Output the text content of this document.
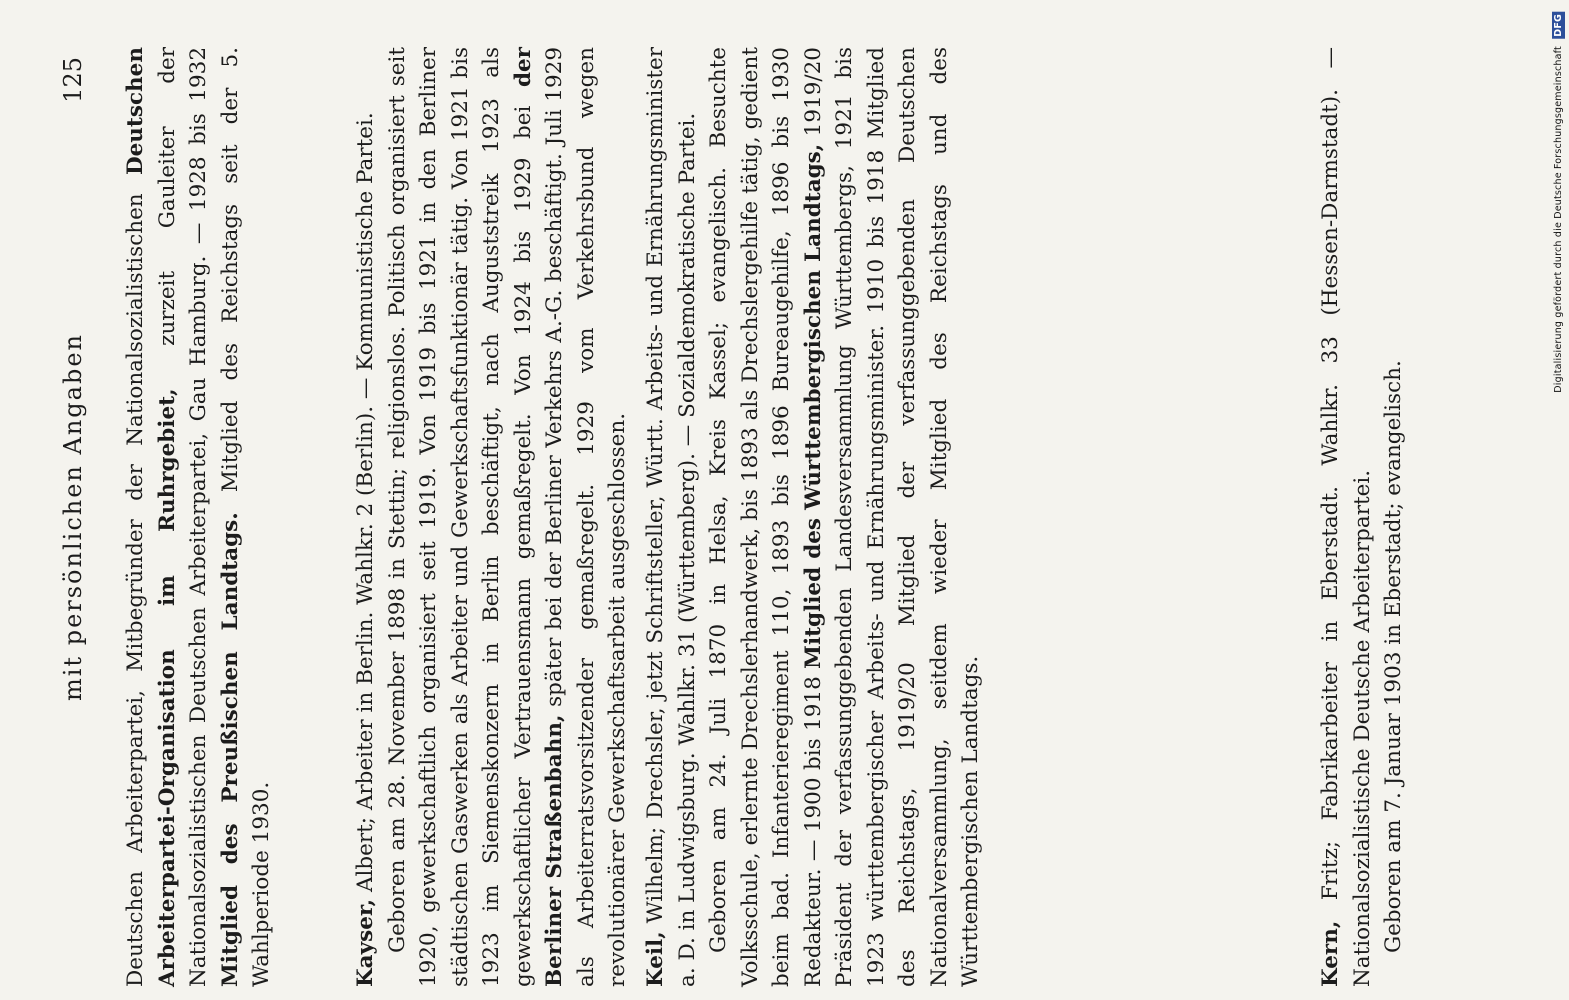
mit persönlichen Angaben
125

Deutschen Arbeiterpartei, Mitbegründer der Nationalsozialistischen Deutschen Arbeiterpartei-Organisation im Ruhrgebiet, zurzeit Gauleiter der Nationalsozialistischen Deutschen Arbeiterpartei, Gau Hamburg. — 1928 bis 1932 Mitglied des Preußischen Landtags. Mitglied des Reichstags seit der 5. Wahlperiode 1930.	Kayser, Albert; Arbeiter in Berlin. Wahlkr. 2 (Berlin). — Kommunistische Partei. Geboren am 28. November 1898 in Stettin; religionslos. Politisch organisiert seit 1920, gewerkschaftlich organisiert seit 1919. Von 1919 bis 1921 in den Berliner städtischen Gaswerken als Arbeiter und Gewerkschaftsfunktionär tätig. Von 1921 bis 1923 im Siemenskonzern in Berlin beschäftigt, nach Auguststreik 1923 als gewerkschaftlicher Vertrauensmann gemaßregelt. Von 1924 bis 1929 bei der Berliner Straßenbahn, später bei der Berliner Verkehrs A.-G. beschäftigt. Juli 1929 als Arbeiterratsvorsitzender gemaßregelt. 1929 vom Verkehrsbund wegen revolutionärer Gewerkschaftsarbeit ausgeschlossen. Keil, Wilhelm; Drechsler, jetzt Schriftsteller, Württ. Arbeits- und Ernährungsminister a. D. in Ludwigsburg. Wahlkr. 31 (Württemberg). — Sozialdemokratische Partei. Geboren am 24. Juli 1870 in Helsa, Kreis Kassel; evangelisch. Besuchte Volksschule, erlernte Drechslerhandwerk, bis 1893 als Drechslergehilfe tätig, gedient beim bad. Infanterieregiment 110, 1893 bis 1896 Bureaugehilfe, 1896 bis 1930 Redakteur. — 1900 bis 1918 Mitglied des Württembergischen Landtags, 1919/20 Präsident der verfassunggebenden Landesversammlung Württembergs, 1921 bis 1923 württembergischer Arbeits- und Ernährungsminister. 1910 bis 1918 Mitglied des Reichstags, 1919/20 Mitglied der verfassunggebenden Deutschen Nationalversammlung, seitdem wieder Mitglied des Reichstags und des Württembergischen Landtags.	Kern, Fritz; Fabrikarbeiter in Eberstadt. Wahlkr. 33 (Hessen-Darmstadt). — Nationalsozialistische Deutsche Arbeiterpartei. Geboren am 7. Januar 1903 in Eberstadt; evangelisch.

Digitalisierung gefördert durch die Deutsche Forschungsgemeinschaft DFG
